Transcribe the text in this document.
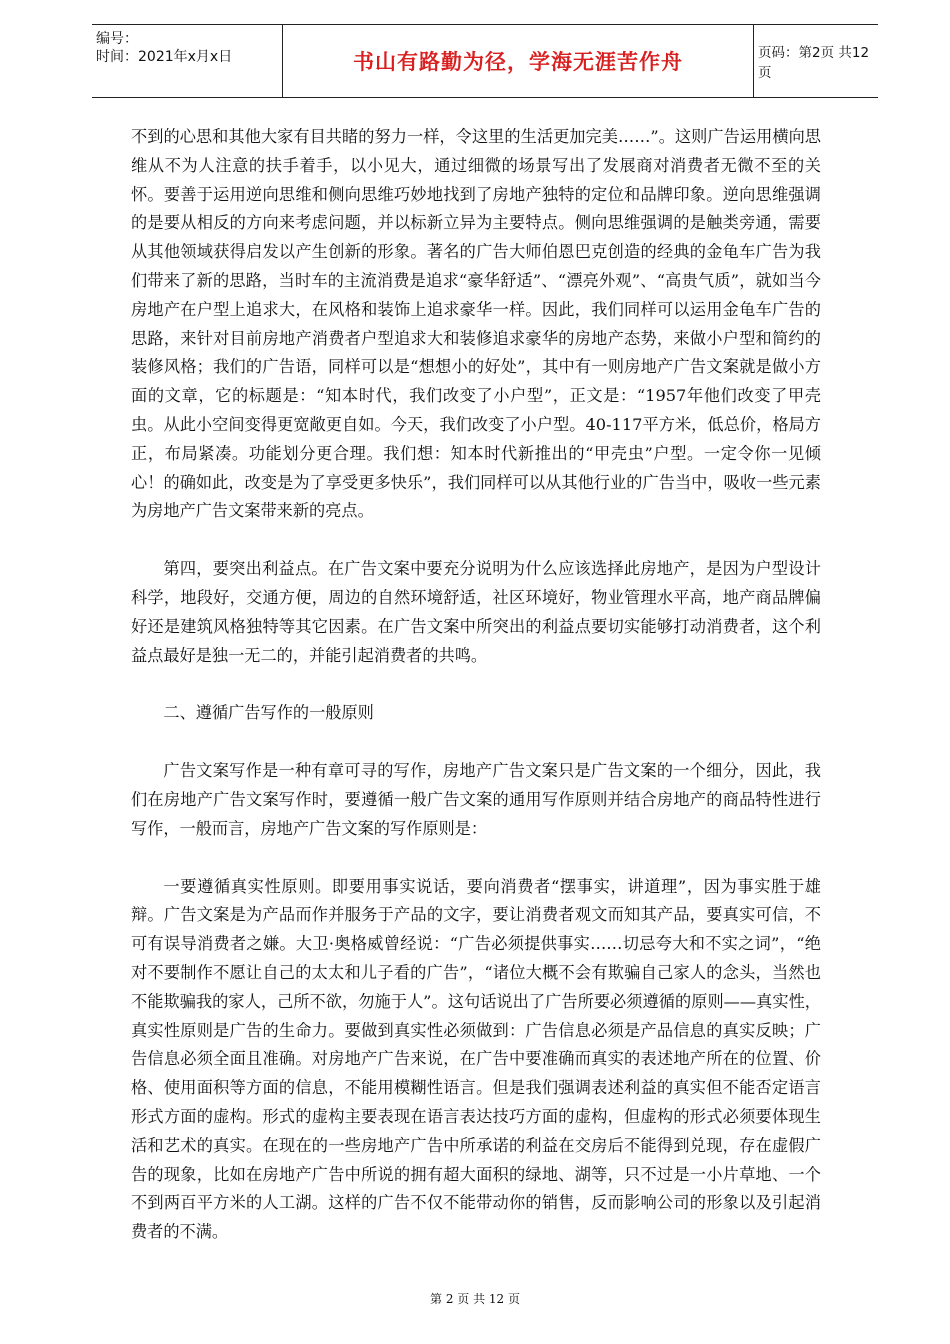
编号：
时间：2021年x月x日	书山有路勤为径，学海无涯苦作舟	页码：第2页 共12页

不到的心思和其他大家有目共睹的努力一样，令这里的生活更加完美……”。这则广告运用横向思维从不为人注意的扶手着手，以小见大，通过细微的场景写出了发展商对消费者无微不至的关怀。要善于运用逆向思维和侧向思维巧妙地找到了房地产独特的定位和品牌印象。逆向思维强调的是要从相反的方向来考虑问题，并以标新立异为主要特点。侧向思维强调的是触类旁通，需要从其他领域获得启发以产生创新的形象。著名的广告大师伯恩巴克创造的经典的金龟车广告为我们带来了新的思路，当时车的主流消费是追求“豪华舒适”、“漂亮外观”、“高贵气质”，就如当今房地产在户型上追求大，在风格和装饰上追求豪华一样。因此，我们同样可以运用金龟车广告的思路，来针对目前房地产消费者户型追求大和装修追求豪华的房地产态势，来做小户型和简约的装修风格；我们的广告语，同样可以是“想想小的好处”，其中有一则房地产广告文案就是做小方面的文章，它的标题是：“知本时代，我们改变了小户型”，正文是：“1957年他们改变了甲壳虫。从此小空间变得更宽敞更自如。今天，我们改变了小户型。40-117平方米，低总价，格局方正，布局紧凑。功能划分更合理。我们想：知本时代新推出的“甲壳虫”户型。一定令你一见倾心！的确如此，改变是为了享受更多快乐”，我们同样可以从其他行业的广告当中，吸收一些元素为房地产广告文案带来新的亮点。

第四，要突出利益点。在广告文案中要充分说明为什么应该选择此房地产，是因为户型设计科学，地段好，交通方便，周边的自然环境舒适，社区环境好，物业管理水平高，地产商品牌偏好还是建筑风格独特等其它因素。在广告文案中所突出的利益点要切实能够打动消费者，这个利益点最好是独一无二的，并能引起消费者的共鸣。

二、遵循广告写作的一般原则

广告文案写作是一种有章可寻的写作，房地产广告文案只是广告文案的一个细分，因此，我们在房地产广告文案写作时，要遵循一般广告文案的通用写作原则并结合房地产的商品特性进行写作，一般而言，房地产广告文案的写作原则是：

一要遵循真实性原则。即要用事实说话，要向消费者“摆事实，讲道理”，因为事实胜于雄辩。广告文案是为产品而作并服务于产品的文字，要让消费者观文而知其产品，要真实可信，不可有误导消费者之嫌。大卫·奥格威曾经说：“广告必须提供事实……切忌夸大和不实之词”，“绝对不要制作不愿让自己的太太和儿子看的广告”，“诸位大概不会有欺骗自己家人的念头，当然也不能欺骗我的家人，己所不欲，勿施于人”。这句话说出了广告所要必须遵循的原则——真实性，真实性原则是广告的生命力。要做到真实性必须做到：广告信息必须是产品信息的真实反映；广告信息必须全面且准确。对房地产广告来说，在广告中要准确而真实的表述地产所在的位置、价格、使用面积等方面的信息，不能用模糊性语言。但是我们强调表述利益的真实但不能否定语言形式方面的虚构。形式的虚构主要表现在语言表达技巧方面的虚构，但虚构的形式必须要体现生活和艺术的真实。在现在的一些房地产广告中所承诺的利益在交房后不能得到兑现，存在虚假广告的现象，比如在房地产广告中所说的拥有超大面积的绿地、湖等，只不过是一小片草地、一个不到两百平方米的人工湖。这样的广告不仅不能带动你的销售，反而影响公司的形象以及引起消费者的不满。

第 2 页 共 12 页
